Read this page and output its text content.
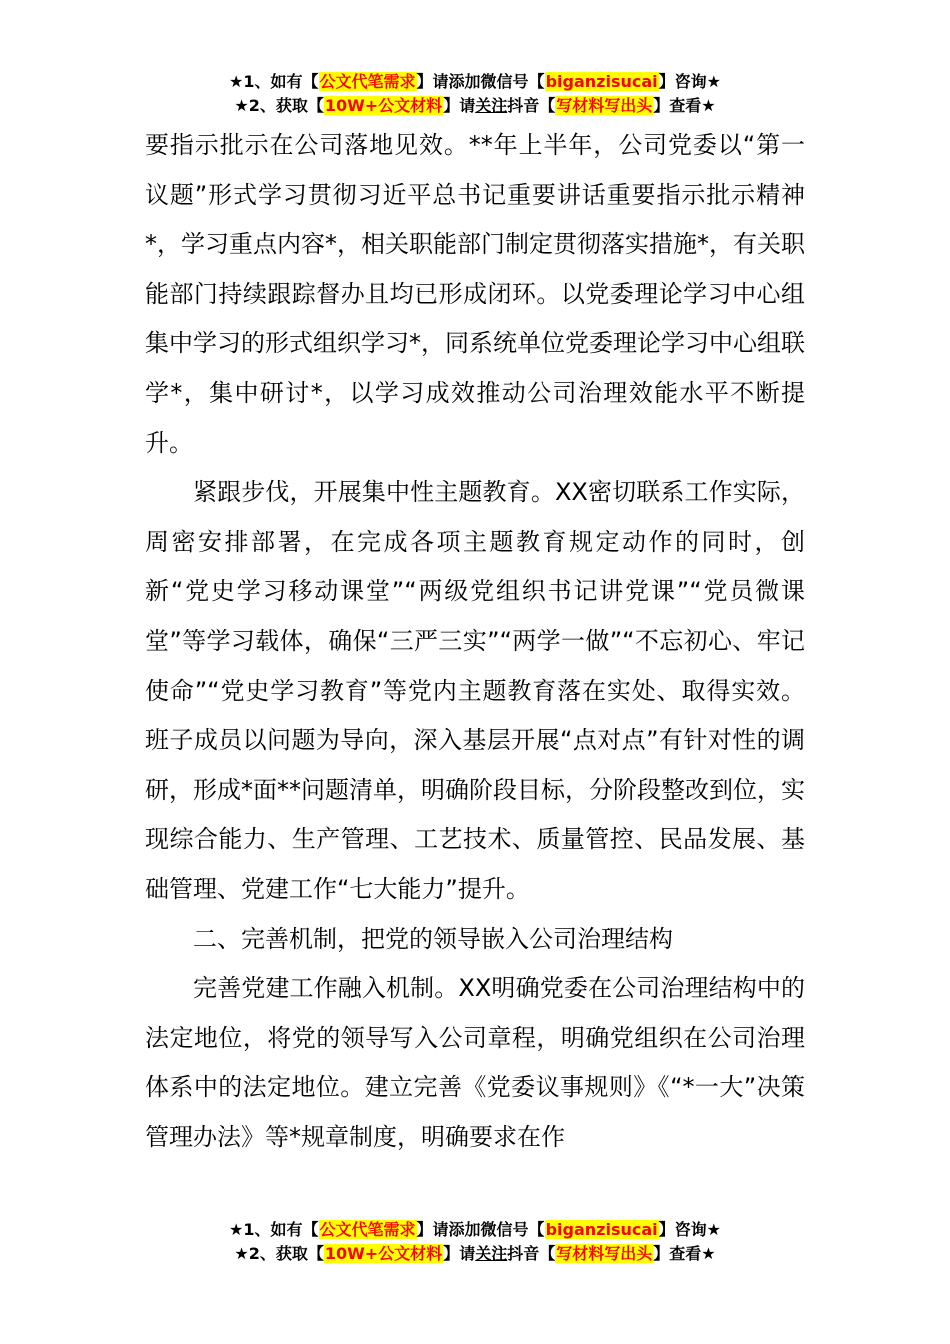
★1、如有【公文代笔需求】请添加微信号【biganzisucai】咨询★
★2、获取【10W+公文材料】请关注抖音【写材料写出头】查看★

要指示批示在公司落地见效。**年上半年，公司党委以“第一议题”形式学习贯彻习近平总书记重要讲话重要指示批示精神*，学习重点内容*，相关职能部门制定贯彻落实措施*，有关职能部门持续跟踪督办且均已形成闭环。以党委理论学习中心组集中学习的形式组织学习*，同系统单位党委理论学习中心组联学*，集中研讨*，以学习成效推动公司治理效能水平不断提升。

紧跟步伐，开展集中性主题教育。XX密切联系工作实际，周密安排部署，在完成各项主题教育规定动作的同时，创新“党史学习移动课堂”“两级党组织书记讲党课”“党员微课堂”等学习载体，确保“三严三实”“两学一做”“不忘初心、牢记使命”“党史学习教育”等党内主题教育落在实处、取得实效。班子成员以问题为导向，深入基层开展“点对点”有针对性的调研，形成*面**问题清单，明确阶段目标，分阶段整改到位，实现综合能力、生产管理、工艺技术、质量管控、民品发展、基础管理、党建工作“七大能力”提升。

二、完善机制，把党的领导嵌入公司治理结构

完善党建工作融入机制。XX明确党委在公司治理结构中的法定地位，将党的领导写入公司章程，明确党组织在公司治理体系中的法定地位。建立完善《党委议事规则》《“*一大”决策管理办法》等*规章制度，明确要求在作

★1、如有【公文代笔需求】请添加微信号【biganzisucai】咨询★
★2、获取【10W+公文材料】请关注抖音【写材料写出头】查看★
